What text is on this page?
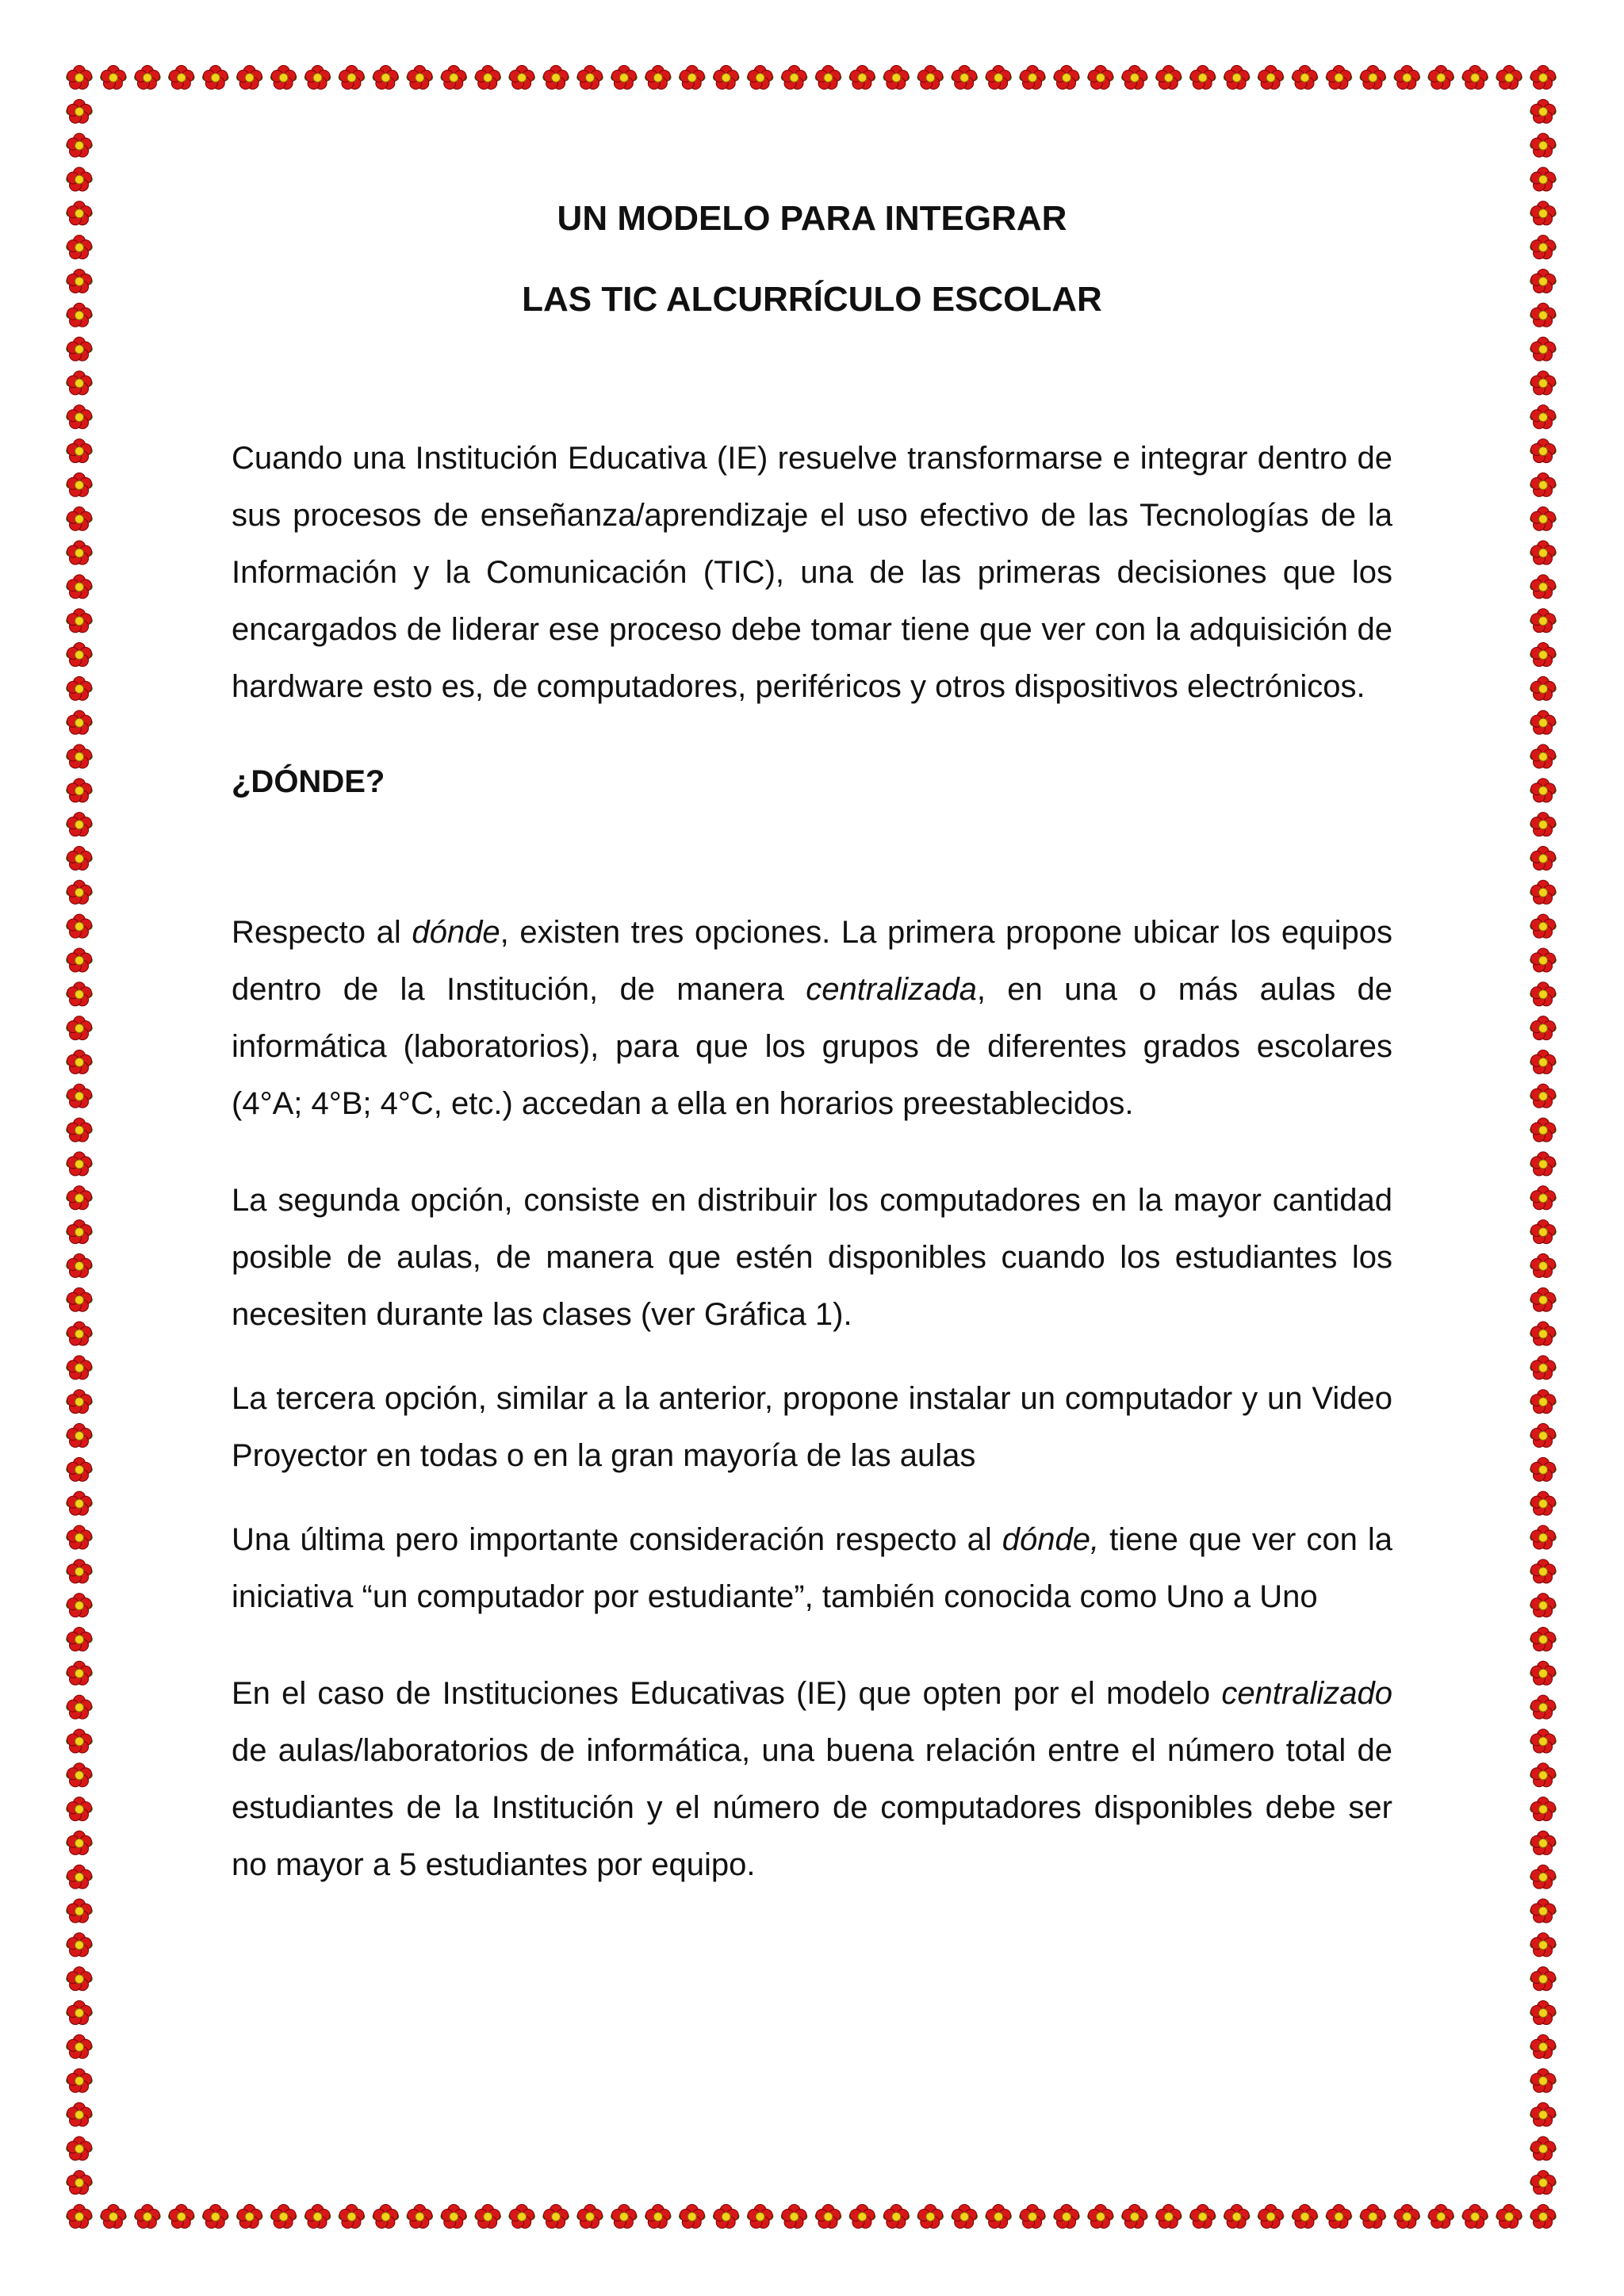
UN MODELO PARA INTEGRAR
LAS TIC ALCURRÍCULO ESCOLAR

Cuando una Institución Educativa (IE) resuelve transformarse e integrar dentro de sus procesos de enseñanza/aprendizaje el uso efectivo de las Tecnologías de la Información y la Comunicación (TIC), una de las primeras decisiones que los encargados de liderar ese proceso debe tomar tiene que ver con la adquisición de hardware esto es, de computadores, periféricos y otros dispositivos electrónicos.

¿DÓNDE?

Respecto al dónde, existen tres opciones. La primera propone ubicar los equipos dentro de la Institución, de manera centralizada, en una o más aulas de informática (laboratorios), para que los grupos de diferentes grados escolares (4°A; 4°B; 4°C, etc.) accedan a ella en horarios preestablecidos.

La segunda opción, consiste en distribuir los computadores en la mayor cantidad posible de aulas, de manera que estén disponibles cuando los estudiantes los necesiten durante las clases (ver Gráfica 1).

La tercera opción, similar a la anterior, propone instalar un computador y un Video Proyector en todas o en la gran mayoría de las aulas

Una última pero importante consideración respecto al dónde, tiene que ver con la iniciativa “un computador por estudiante”, también conocida como Uno a Uno

En el caso de Instituciones Educativas (IE) que opten por el modelo centralizado de aulas/laboratorios de informática, una buena relación entre el número total de estudiantes de la Institución y el número de computadores disponibles debe ser no mayor a 5 estudiantes por equipo.
